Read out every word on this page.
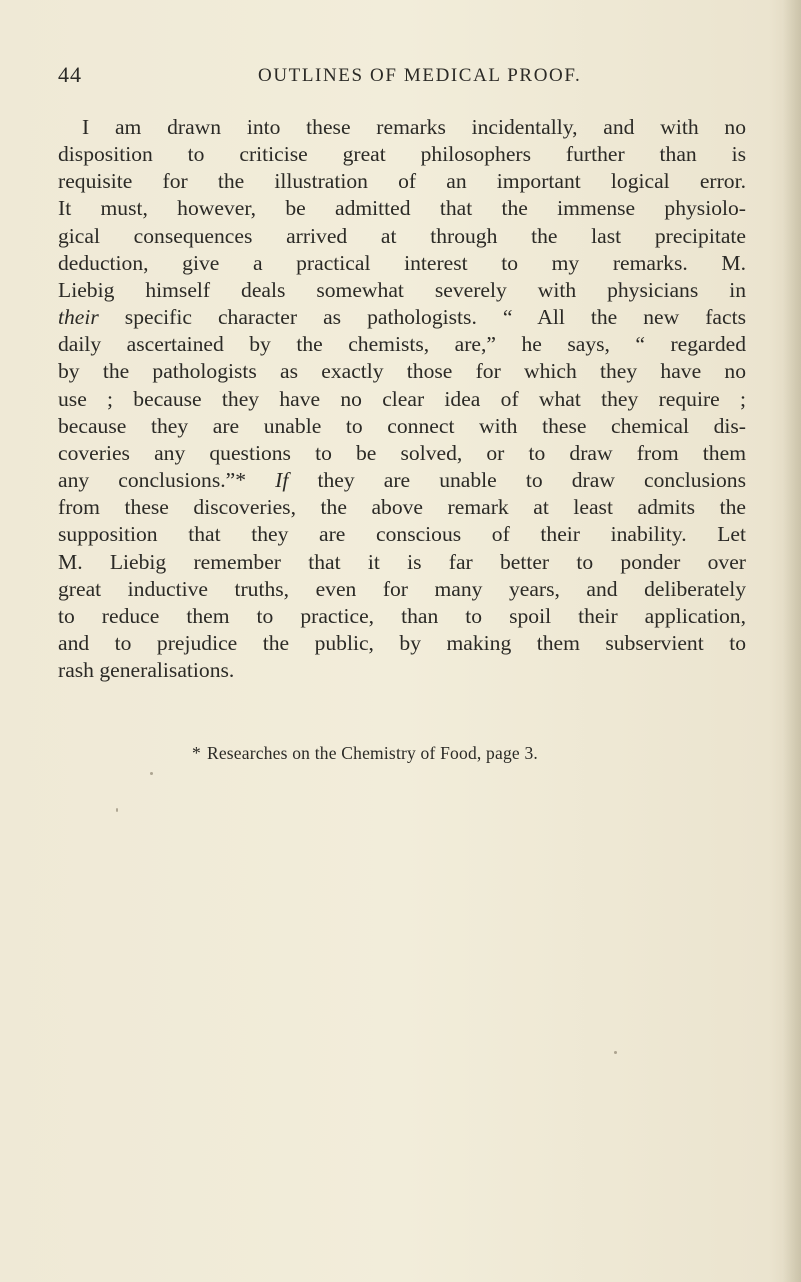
44	OUTLINES OF MEDICAL PROOF.

I am drawn into these remarks incidentally, and with no
disposition to criticise great philosophers further than is
requisite for the illustration of an important logical error.
It must, however, be admitted that the immense physiolo-
gical consequences arrived at through the last precipitate
deduction, give a practical interest to my remarks. M.
Liebig himself deals somewhat severely with physicians in
their specific character as pathologists. “ All the new facts
daily ascertained by the chemists, are,” he says, “ regarded
by the pathologists as exactly those for which they have no
use ; because they have no clear idea of what they require ;
because they are unable to connect with these chemical dis-
coveries any questions to be solved, or to draw from them
any conclusions.”* If they are unable to draw conclusions
from these discoveries, the above remark at least admits the
supposition that they are conscious of their inability. Let
M. Liebig remember that it is far better to ponder over
great inductive truths, even for many years, and deliberately
to reduce them to practice, than to spoil their application,
and to prejudice the public, by making them subservient to
rash generalisations.

* Researches on the Chemistry of Food, page 3.
